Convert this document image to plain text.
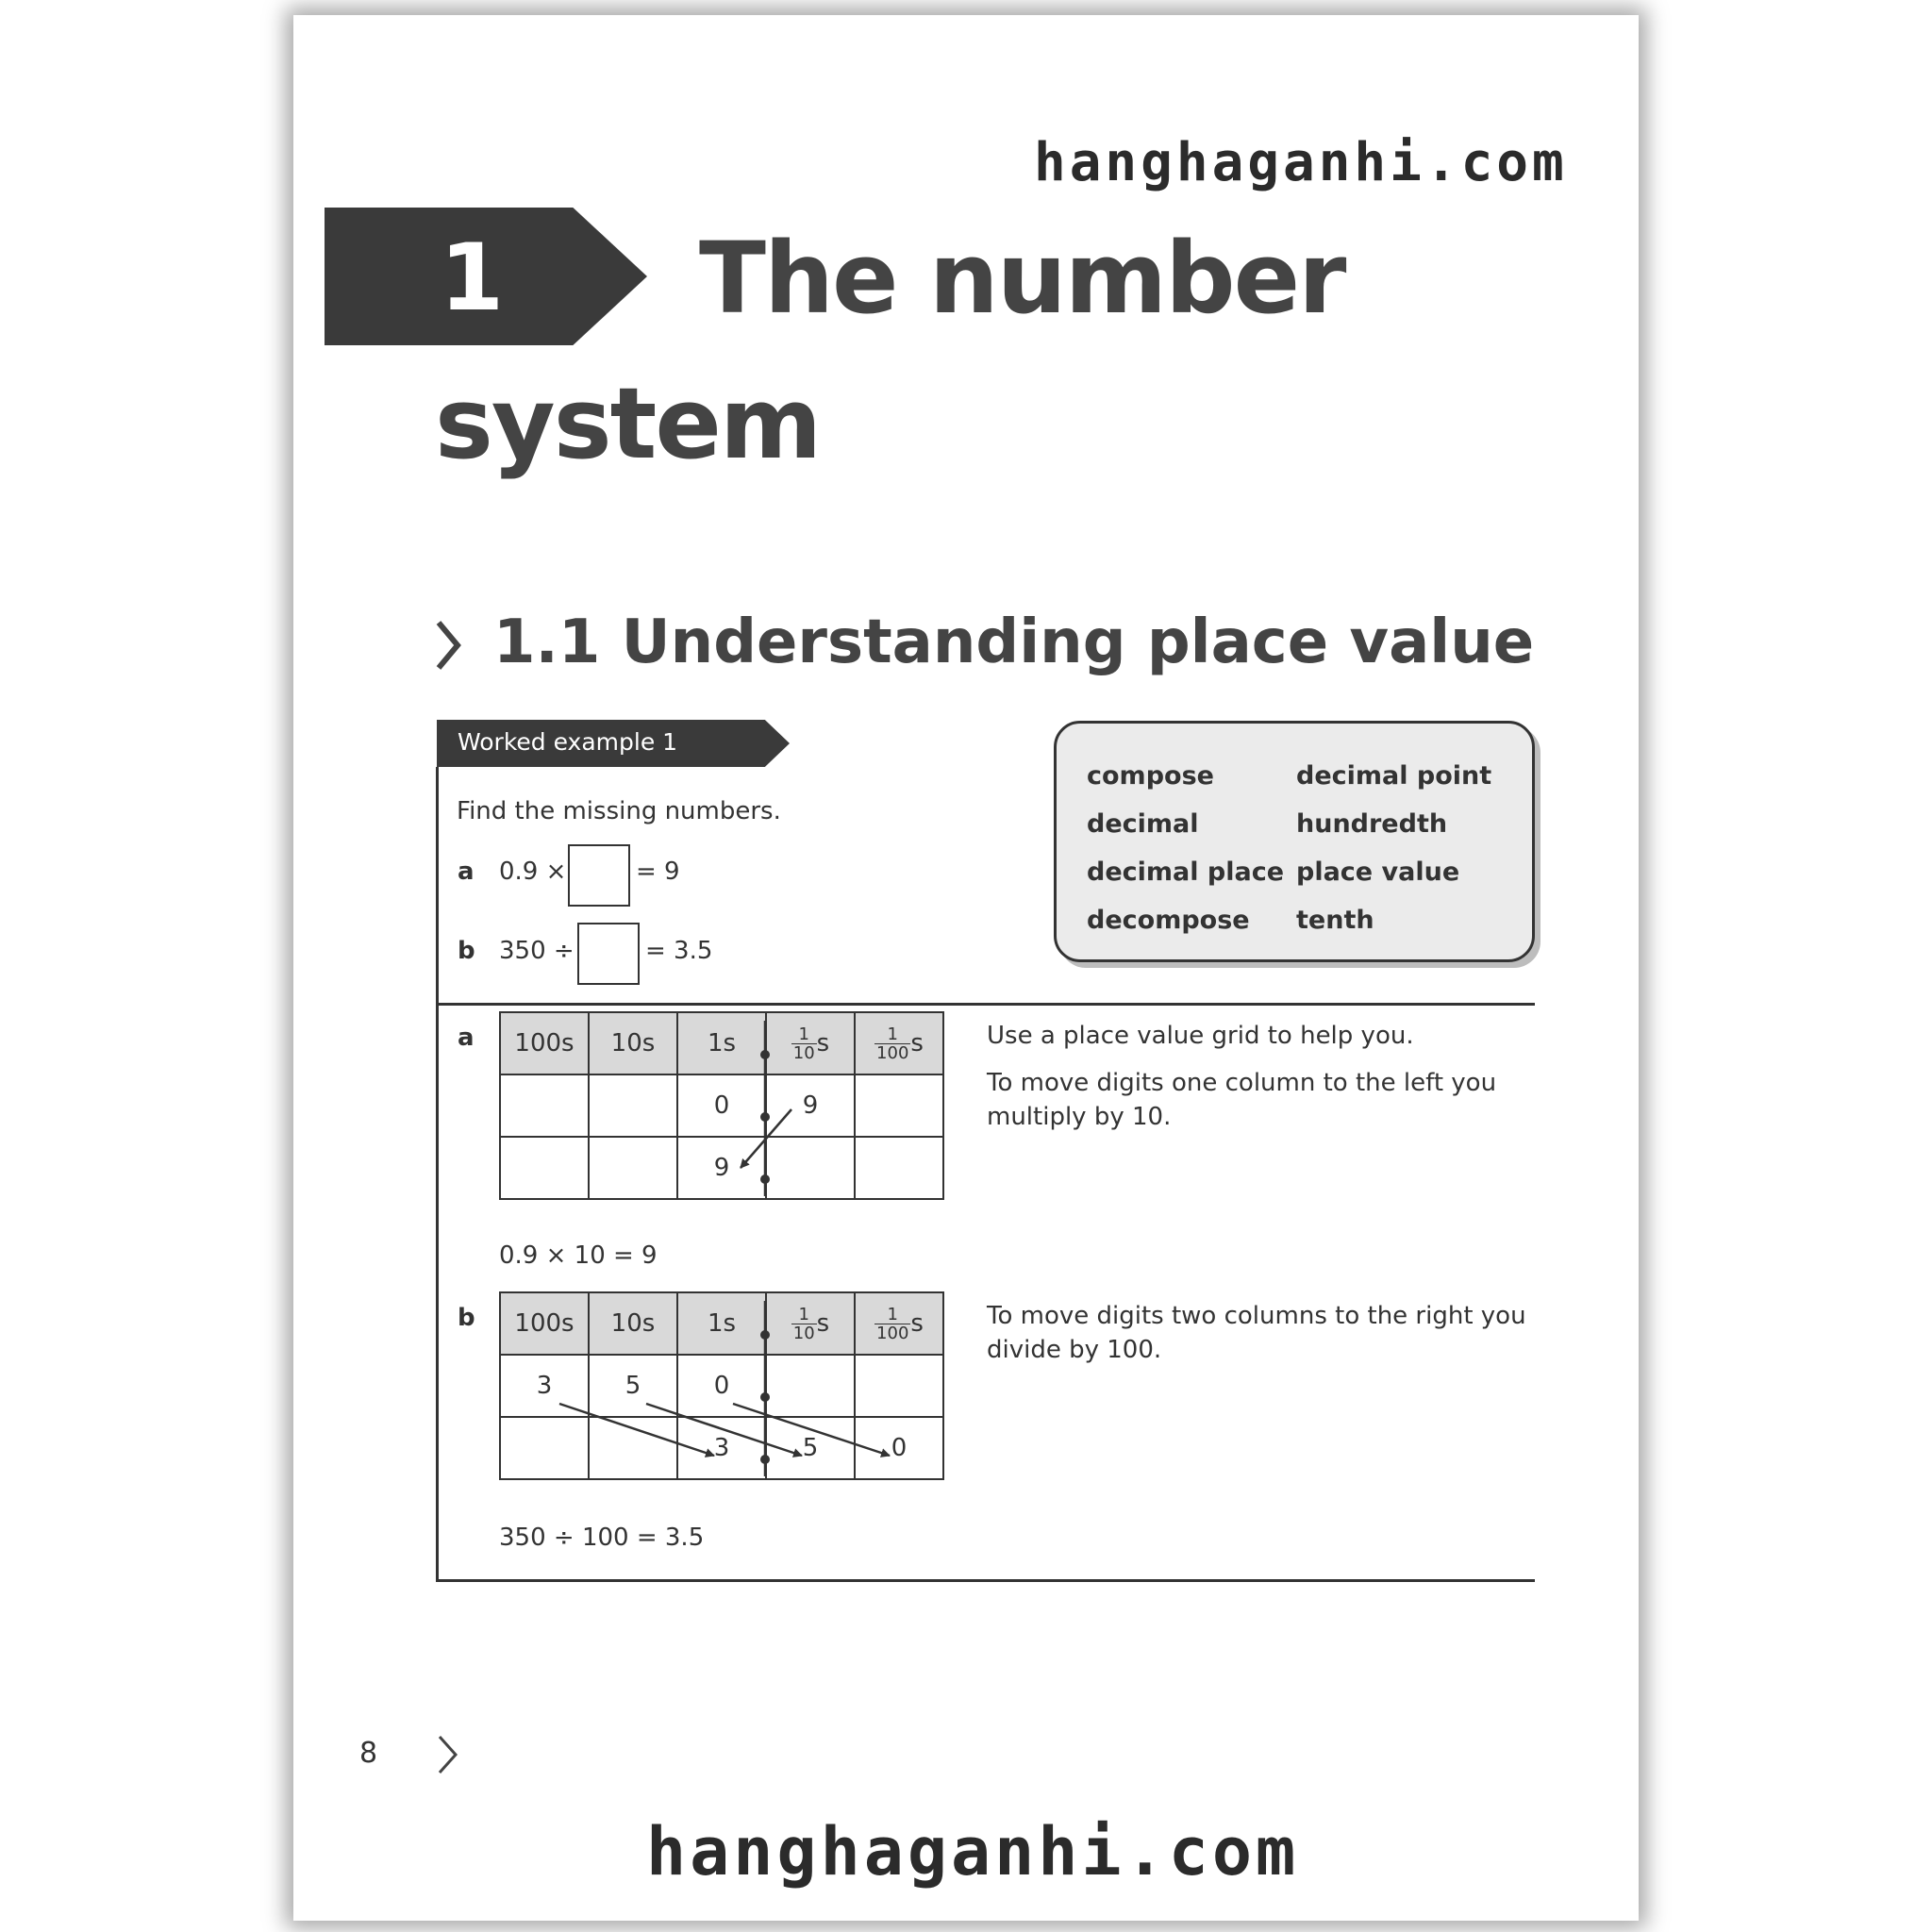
hanghaganhi.com
1 The number
system
1.1 Understanding place value
Worked example 1
Find the missing numbers.
a 0.9 ×	= 9
b 350 ÷	= 3.5
compose	decimal point
decimal	hundredth
decimal place place value
decompose tenth
a 100s	10s	1s	$\frac{1}{10}$ s	$\frac{1}{100}$ s
		0	9	
		9		
0.9 × 10 = 9
Use a place value grid to help you.
To move digits one column to the left you
multiply by 10.
b 100s	10s	1s	$\frac{1}{10}$ s	$\frac{1}{100}$ s
3	5	0		
		3	5	0
350 ÷ 100 = 3.5
To move digits two columns to the right you
divide by 100.
8
hanghaganhi.com
